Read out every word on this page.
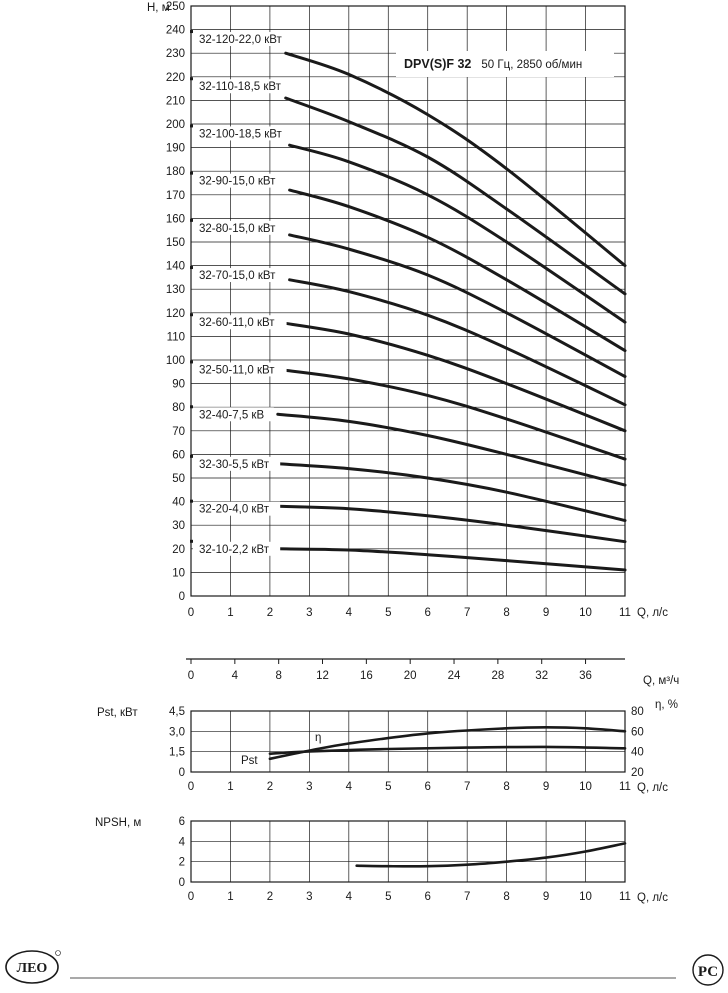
0
10
20
30
40
50
60
70
80
90
100
110
120
130
140
150
160
170
180
190
200
210
220
230
240
250
0	1	2	3	4	5	6	7	8	9	10 11
H, м
Q, л/с
DPV(S)F 32 50 Гц, 2850 об/мин
32-120-22,0 кВт
32-110-18,5 кВт
32-100-18,5 кВт
32-90-15,0 кВт
32-80-15,0 кВт
32-70-15,0 кВт
32-60-11,0 кВт
32-50-11,0 кВт
32-40-7,5 кВ
32-30-5,5 кВт
32-20-4,0 кВт
32-10-2,2 кВт
0	4	8	12	16	20	24	28	32	36	Q, м³/ч
0
1,5
3,0
4,5
20
40
60
80
0	1	2	3	4	5	6	7	8	9	10 11
Pst, кВт
η, %
Q, л/с
Pst
η
0
2
4
6
0	1	2	3	4	5	6	7	8	9	10 11
NPSH, м
Q, л/с
ЛЕО	РС
